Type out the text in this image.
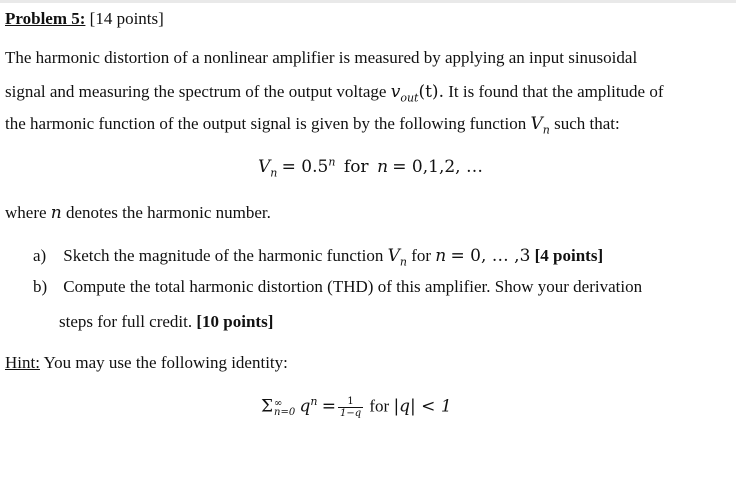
Problem 5: [14 points]
The harmonic distortion of a nonlinear amplifier is measured by applying an input sinusoidal
signal and measuring the spectrum of the output voltage $v_{out}(t)$. It is found that the amplitude of
the harmonic function of the output signal is given by the following function $V_n$ such that:
$V_n = 0.5^n$ for n = 0,1,2, …
where n denotes the harmonic number.
a) Sketch the magnitude of the harmonic function $V_n$ for n = 0, … ,3 [4 points]
b) Compute the total harmonic distortion (THD) of this amplifier. Show your derivation
steps for full credit. [10 points]
Hint: You may use the following identity:
Σ ∞
n=0 $q^n = \frac{1}{1-q}$ for |q| < 1
